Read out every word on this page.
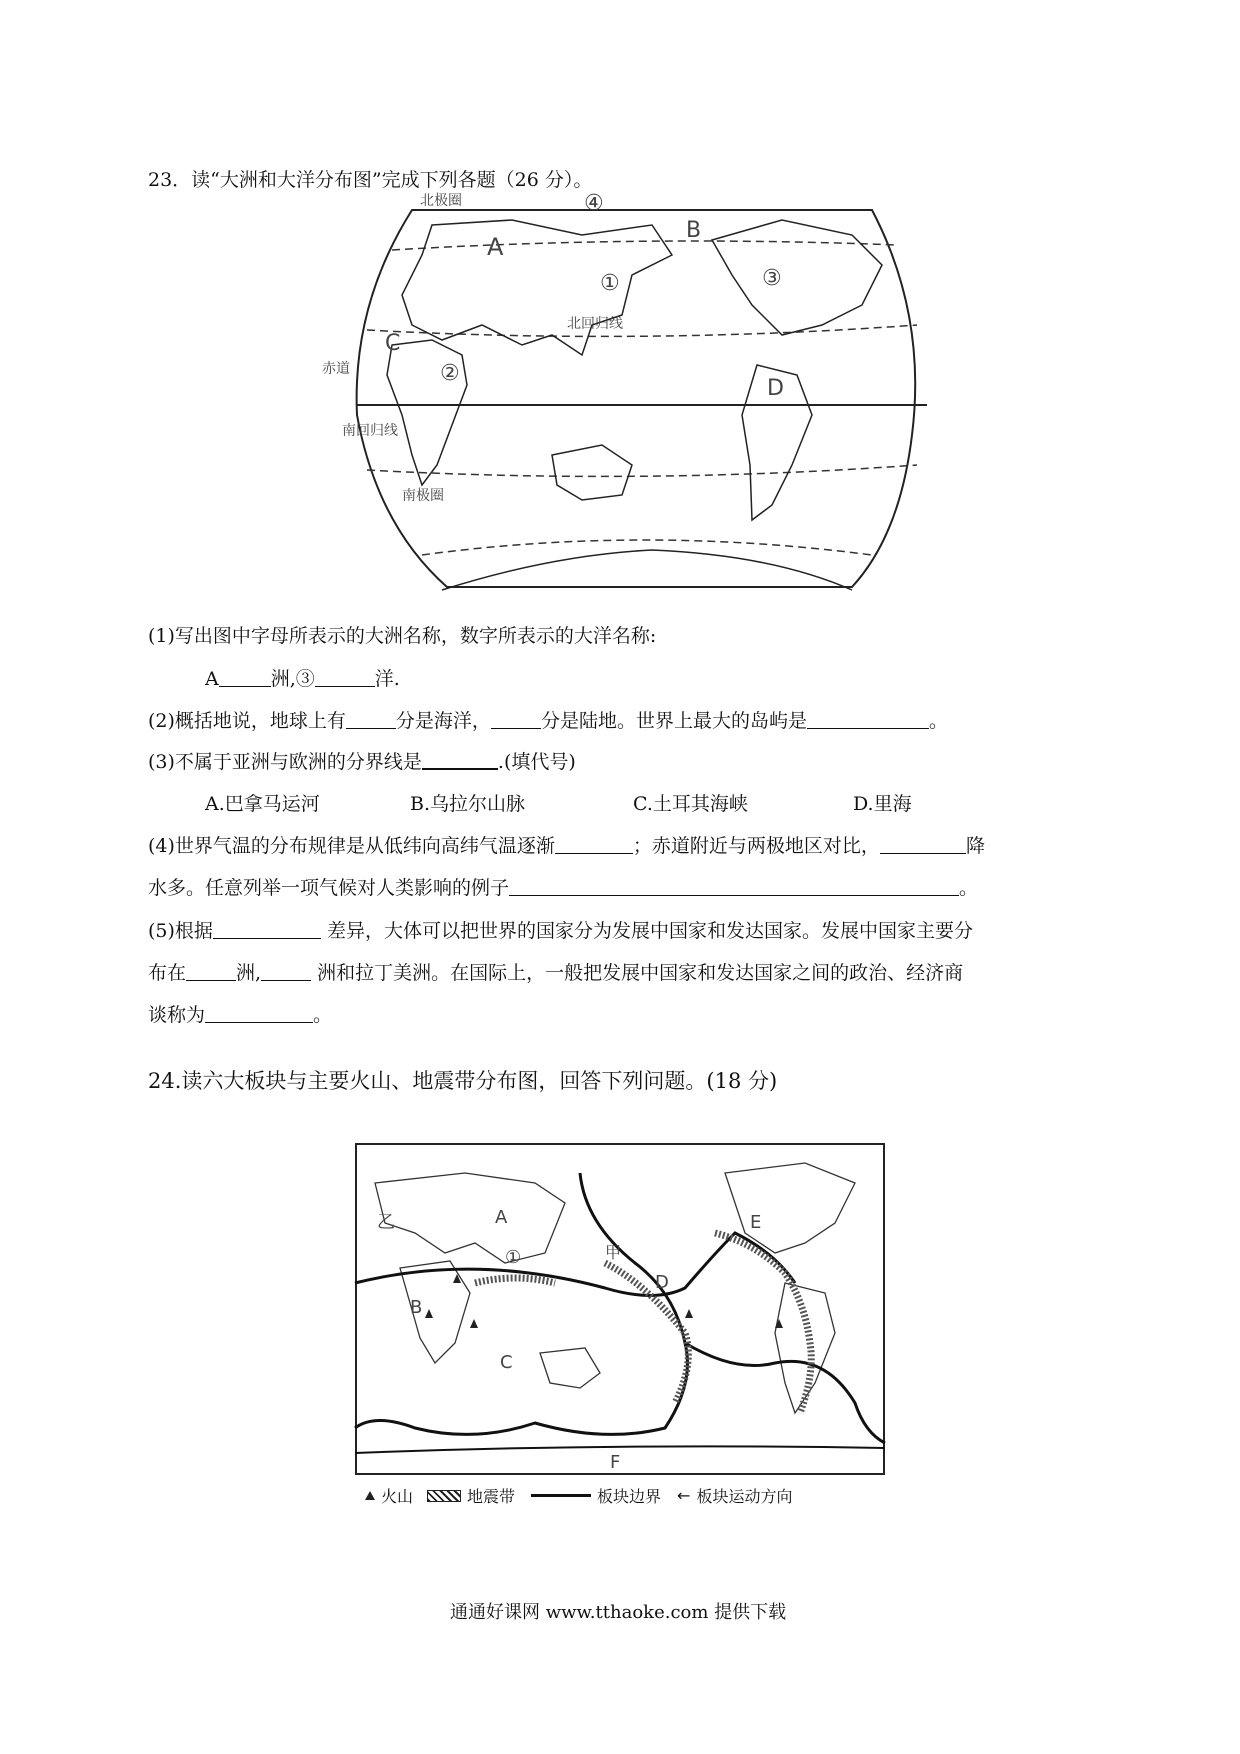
23．读“大洲和大洋分布图”完成下列各题（26 分）。
A
B
C
D
①
②
③
④
北极圈
北回归线
赤道
南回归线
南极圈
(1)写出图中字母所表示的大洲名称，数字所表示的大洋名称:
A	洲,③	洋.
(2)概括地说，地球上有	分是海洋，	分是陆地。世界上最大的岛屿是	。
(3)不属于亚洲与欧洲的分界线是	.(填代号)
A.巴拿马运河	B.乌拉尔山脉	C.土耳其海峡	D.里海
(4)世界气温的分布规律是从低纬向高纬气温逐渐	；赤道附近与两极地区对比，	降
水多。任意列举一项气候对人类影响的例子	。
(5)根据	差异，大体可以把世界的国家分为发展中国家和发达国家。发展中国家主要分
布在	洲,	洲和拉丁美洲。在国际上，一般把发展中国家和发达国家之间的政治、经济商
谈称为	。
24.读六大板块与主要火山、地震带分布图，回答下列问题。(18 分)
A
B
C
D
E
F
乙
甲
①
火山	地震带	板块边界 ← 板块运动方向
通通好课网 www.tthaoke.com 提供下载
